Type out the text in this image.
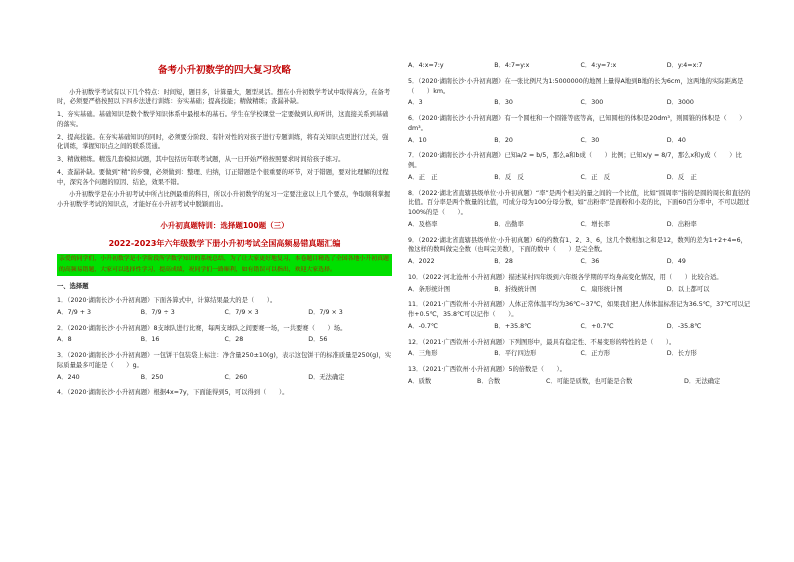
备考小升初数学的四大复习攻略

小升初数学考试有以下几个特点：时间短，题目多，计算量大，题型灵活。想在小升初数学考试中取得高分，在备考时，必须要严格按照以下四步法进行训练：夯实基础；提高技能；精做精练；查漏补缺。

1、夯实基础。基础知识是数个数学知识体系中最根本的基石。学生在学校课堂一定要做到认真听讲，这直接关系到基础的落实。

2、提高技能。在夯实基础知识的同时，必须要分阶段、有针对性的对孩子进行专题训练，将有关知识点更进行过关，强化训练，掌握知识点之间的联系贯通。

3、精做精练。精选几套模拟试题，其中包括历年联考试题，从一日开始严格按照要求时间给孩子练习。

4、查漏补缺。要做到“精”的步骤，必须做到：整理、归纳，订正错题是个很重要的环节，对于错题，要对比理解的过程中，深究各个问题的原因、结论，效果不错。

小升初数学是在小升初考试中所占比例最重的科目，所以小升初数学的复习一定要注意以上几个要点，争取顺利掌握小升初数学考试的知识点，才能好在小升初考试中脱颖而出。

小升初真题特训：选择题100题（三）
2022-2023年六年级数学下册小升初考试全国高频易错真题汇编
亲爱的同学们，小升初数学是小学阶段所学数学知识的系统总结，为了让大家更好地复习，本卷题目精选了全国各地小升初真题的高频易错题，大家可以选择性学习，提高成绩，祝同学们一路顺利，如有错误可以指出，欢迎大家选择。
一、选择题
1．（2020·湖南长沙·小升初真题）下面各算式中，计算结果最大的是（　　）。
A．7/9 + 3	B．7/9 ÷ 3	C．7/9 × 3	D．7/9 × 3
2．（2020·湖南长沙·小升初真题）8支球队进行比赛，每两支球队之间要赛一场，一共要赛（　　）场。
A．8	B．16	C．28	D．56
3．（2020·湖南长沙·小升初真题）一包饼干包装袋上标注：净含量250±10(g)，表示这包饼干的标准质量是250(g)，实际质量最多可能是（　　）g。
A．240	B．250	C．260	D．无法确定
4．（2020·湖南长沙·小升初真题）根据4x=7y，下面能得到5，可以得到（　　）。
A．4:x=7:y	B．4:7=y:x	C．4:y=7:x	D．y:4=x:7
5．（2020·湖南长沙·小升初真题）在一张比例尺为1:5000000的地图上量得A地到B地的长为6cm，这两地的实际距离是（　　）km。
A．3	B．30	C．300	D．3000
6．（2020·湖南长沙·小升初真题）有一个圆柱和一个圆锥等底等高，已知圆柱的体积是20dm³，则圆锥的体积是（　　）dm³。
A．10	B．20	C．30	D．40
7．（2020·湖南长沙·小升初真题）已知a/2 = b/5，那么a和b成（　　）比例；已知x/y = 8/7，那么x和y成（　　）比例。
A．正　正	B．反　反	C．正　反	D．反　正
8．（2022·湖北省直辖县级单位·小升初真题）“率”是两个相关的量之间的一个比值，比如“圆周率”指的是圆的周长和直径的比值。百分率是两个数量的比值，可成分母为100分母分数，如“出粉率”是面粉和小麦的比，下面60百分率中，不可以超过100%的是（　　）。
A．及格率	B．出勤率	C．增长率	D．出粉率
9．（2022·湖北省直辖县级单位·小升初真题）6的约数有1、2、3、6，这几个数相加之和是12，数列的差为1+2+4=6，像这样的数叫做完全数（也叫完美数），下面的数中（　　）是完全数。
A．2022	B．28	C．36	D．49
10．（2022·河北沧州·小升初真题）描述某村四年级到六年级各学期的平均身高变化情况，用（　　）比较合适。
A．条形统计图	B．折线统计图	C．扇形统计图	D．以上都可以
11．（2021·广西钦州·小升初真题）人体正常体温平均为36℃~37℃，如果我们把人体体温标准记为36.5℃，37℃可以记作+0.5℃，35.8℃可以记作（　　）。
A．-0.7℃	B．+35.8℃	C．+0.7℃	D．-35.8℃
12．（2021·广西钦州·小升初真题）下列图形中，最具有稳定性、不易变形的特性的是（　　）。
A．三角形	B．平行四边形	C．正方形	D．长方形
13．（2021·广西钦州·小升初真题）5的倍数是（　　）。
A．质数	B．合数	C．可能是质数，也可能是合数	D．无法确定
